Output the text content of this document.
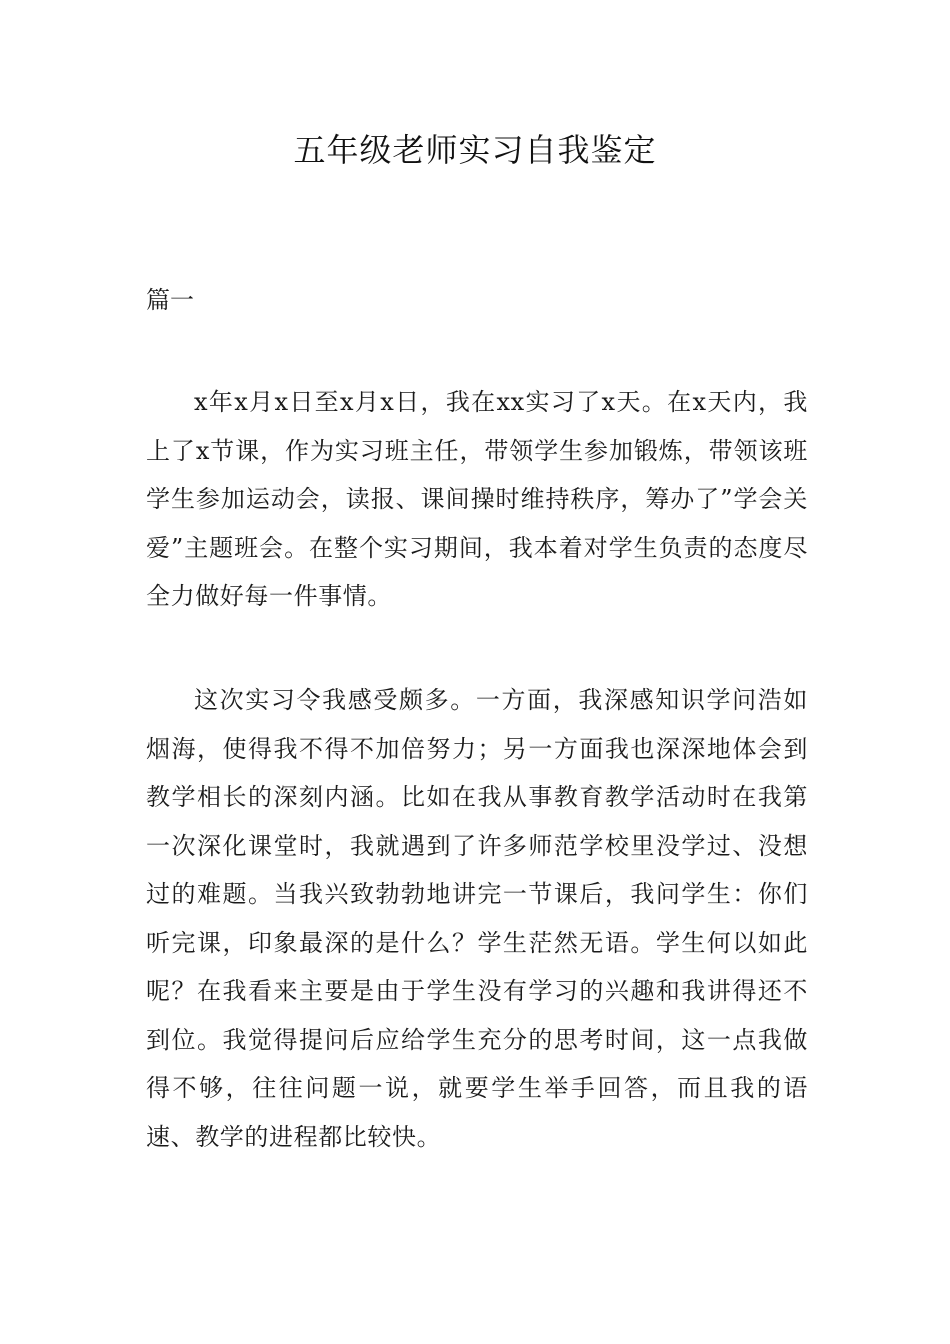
五年级老师实习自我鉴定

篇一

x年x月x日至x月x日，我在xx实习了x天。在x天内，我上了x节课，作为实习班主任，带领学生参加锻炼，带领该班学生参加运动会，读报、课间操时维持秩序，筹办了”学会关爱”主题班会。在整个实习期间，我本着对学生负责的态度尽全力做好每一件事情。

这次实习令我感受颇多。一方面，我深感知识学问浩如烟海，使得我不得不加倍努力；另一方面我也深深地体会到教学相长的深刻内涵。比如在我从事教育教学活动时在我第一次深化课堂时，我就遇到了许多师范学校里没学过、没想过的难题。当我兴致勃勃地讲完一节课后，我问学生：你们听完课，印象最深的是什么？学生茫然无语。学生何以如此呢？在我看来主要是由于学生没有学习的兴趣和我讲得还不到位。我觉得提问后应给学生充分的思考时间，这一点我做得不够，往往问题一说，就要学生举手回答，而且我的语速、教学的进程都比较快。
